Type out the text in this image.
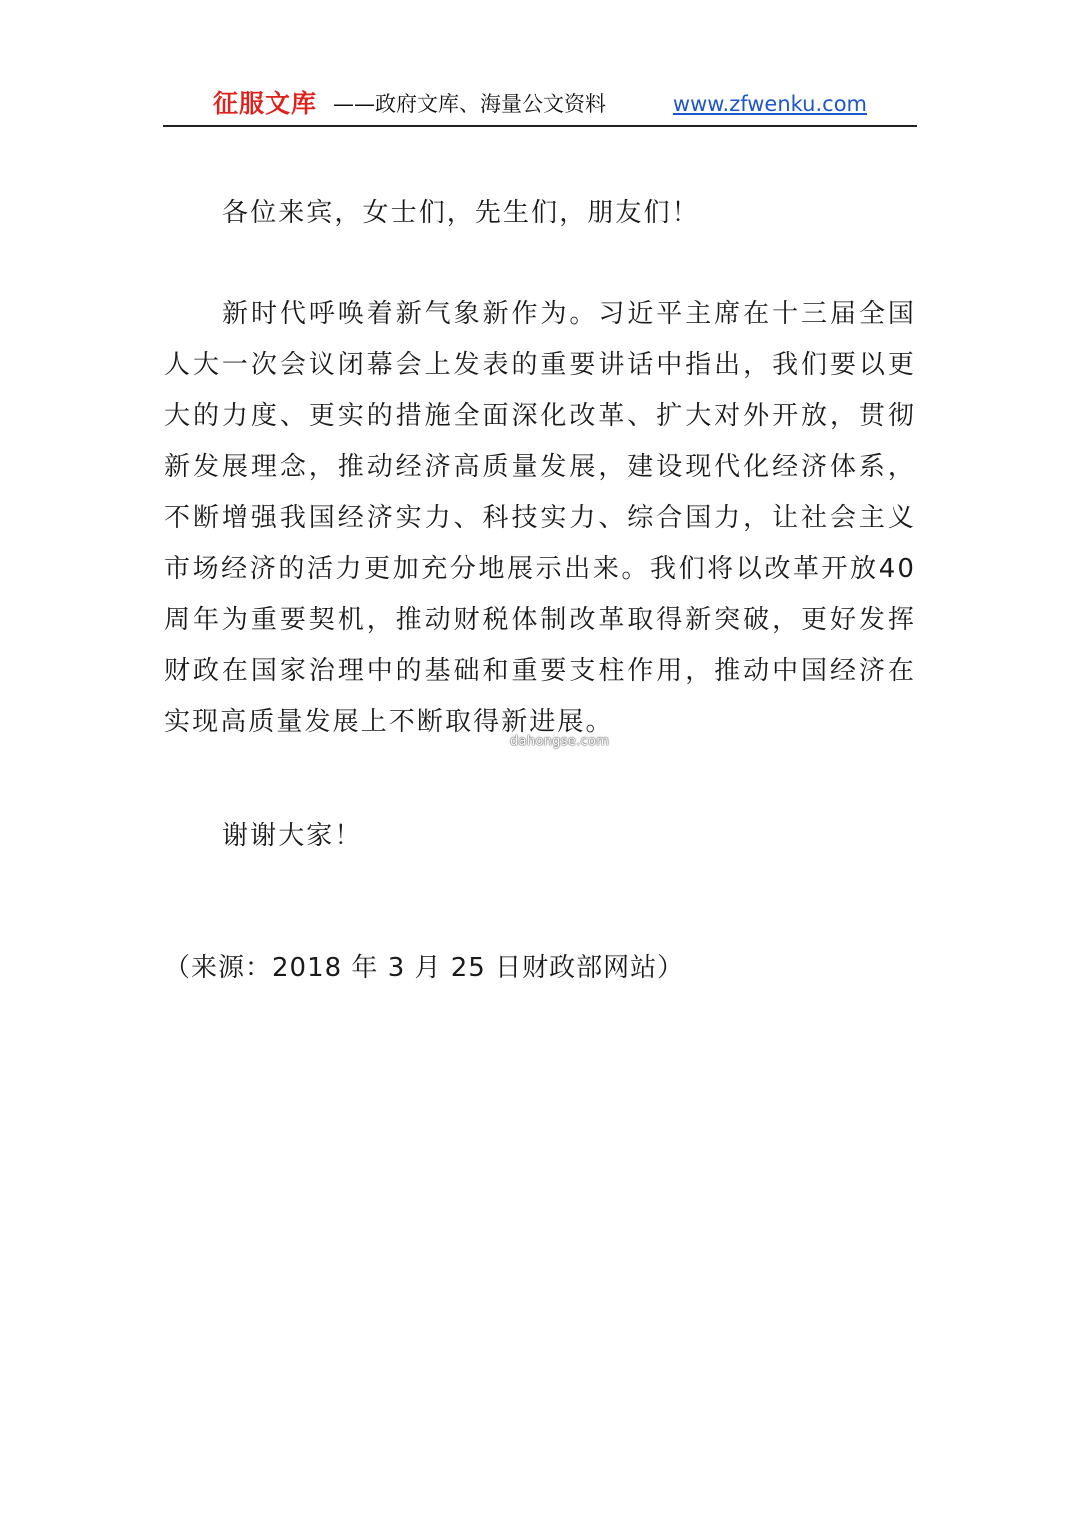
征服文库 ——政府文库、海量公文资料	www.zfwenku.com

各位来宾，女士们，先生们，朋友们！

新时代呼唤着新气象新作为。习近平主席在十三届全国人大一次会议闭幕会上发表的重要讲话中指出，我们要以更大的力度、更实的措施全面深化改革、扩大对外开放，贯彻新发展理念，推动经济高质量发展，建设现代化经济体系，不断增强我国经济实力、科技实力、综合国力，让社会主义市场经济的活力更加充分地展示出来。我们将以改革开放40周年为重要契机，推动财税体制改革取得新突破，更好发挥财政在国家治理中的基础和重要支柱作用，推动中国经济在实现高质量发展上不断取得新进展。

谢谢大家！

（来源：2018 年 3 月 25 日财政部网站）

dahongse.com
